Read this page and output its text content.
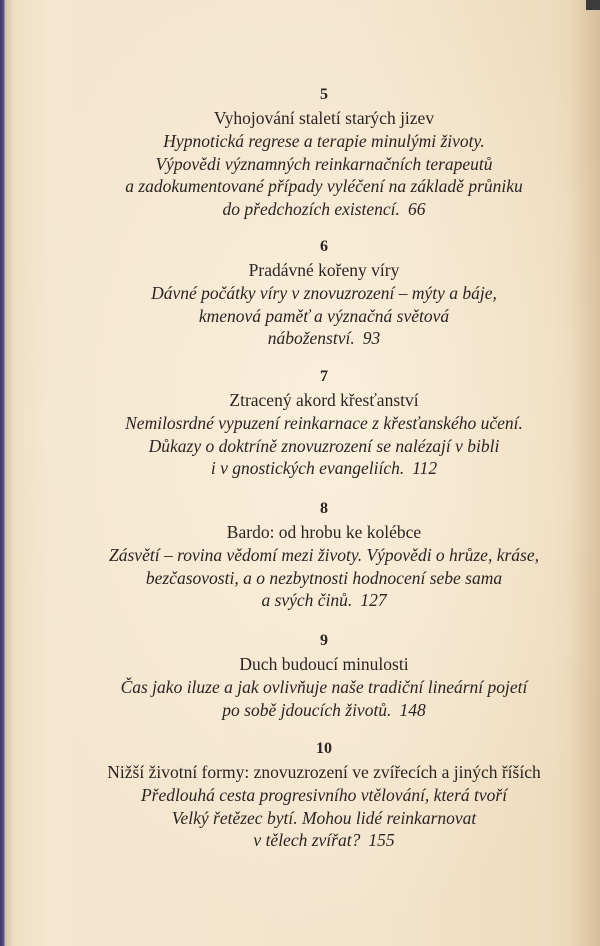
5
Vyhojování staletí starých jizev
Hypnotická regrese a terapie minulými životy.
Výpovědi významných reinkarnačních terapeutů
a zadokumentované případy vyléčení na základě průniku
do předchozích existencí. 66
6
Pradávné kořeny víry
Dávné počátky víry v znovuzrození – mýty a báje,
kmenová paměť a význačná světová
náboženství. 93
7
Ztracený akord křesťanství
Nemilosrdné vypuzení reinkarnace z křesťanského učení.
Důkazy o doktríně znovuzrození se nalézají v bibli
i v gnostických evangeliích. 112
8
Bardo: od hrobu ke kolébce
Zásvětí – rovina vědomí mezi životy. Výpovědi o hrůze, kráse,
bezčasovosti, a o nezbytnosti hodnocení sebe sama
a svých činů. 127
9
Duch budoucí minulosti
Čas jako iluze a jak ovlivňuje naše tradiční lineární pojetí
po sobě jdoucích životů. 148
10
Nižší životní formy: znovuzrození ve zvířecích a jiných říších
Předlouhá cesta progresivního vtělování, která tvoří
Velký řetězec bytí. Mohou lidé reinkarnovat
v tělech zvířat? 155
